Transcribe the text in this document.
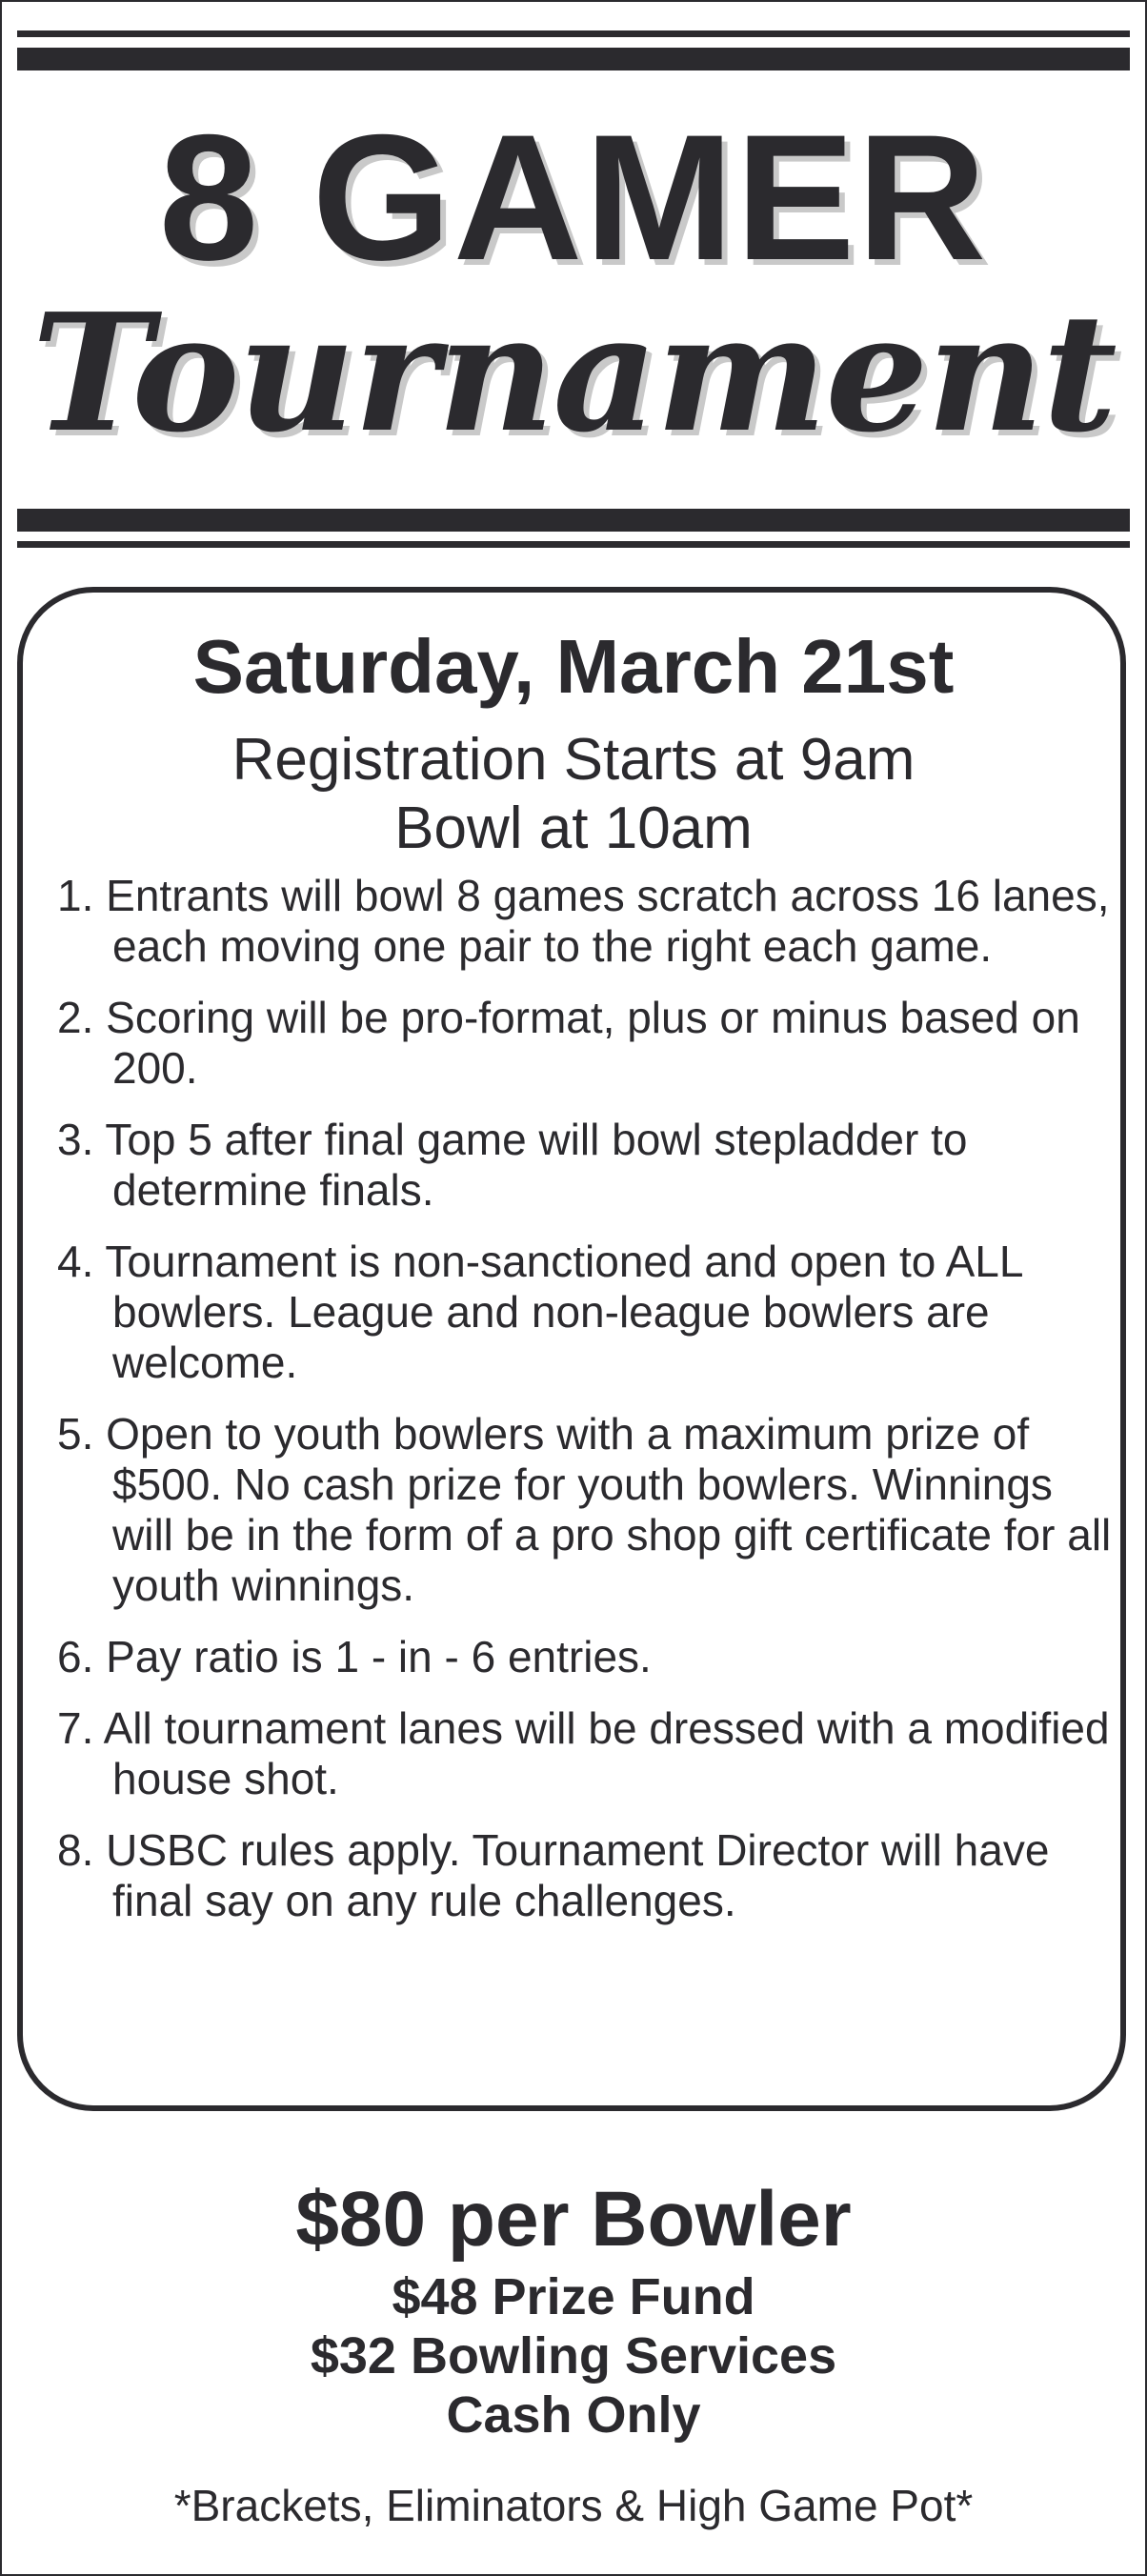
8 GAMER
Tournament
Saturday, March 21st
Registration Starts at 9am
Bowl at 10am
1. Entrants will bowl 8 games scratch across 16 lanes, each moving one pair to the right each game.
2. Scoring will be pro-format, plus or minus based on 200.
3. Top 5 after final game will bowl stepladder to determine finals.
4. Tournament is non-sanctioned and open to ALL bowlers. League and non-league bowlers are welcome.
5. Open to youth bowlers with a maximum prize of $500. No cash prize for youth bowlers. Winnings will be in the form of a pro shop gift certificate for all youth winnings.
6. Pay ratio is 1 - in - 6 entries.
7. All tournament lanes will be dressed with a modified house shot.
8. USBC rules apply. Tournament Director will have final say on any rule challenges.
$80 per Bowler
$48 Prize Fund
$32 Bowling Services
Cash Only
*Brackets, Eliminators & High Game Pot*
